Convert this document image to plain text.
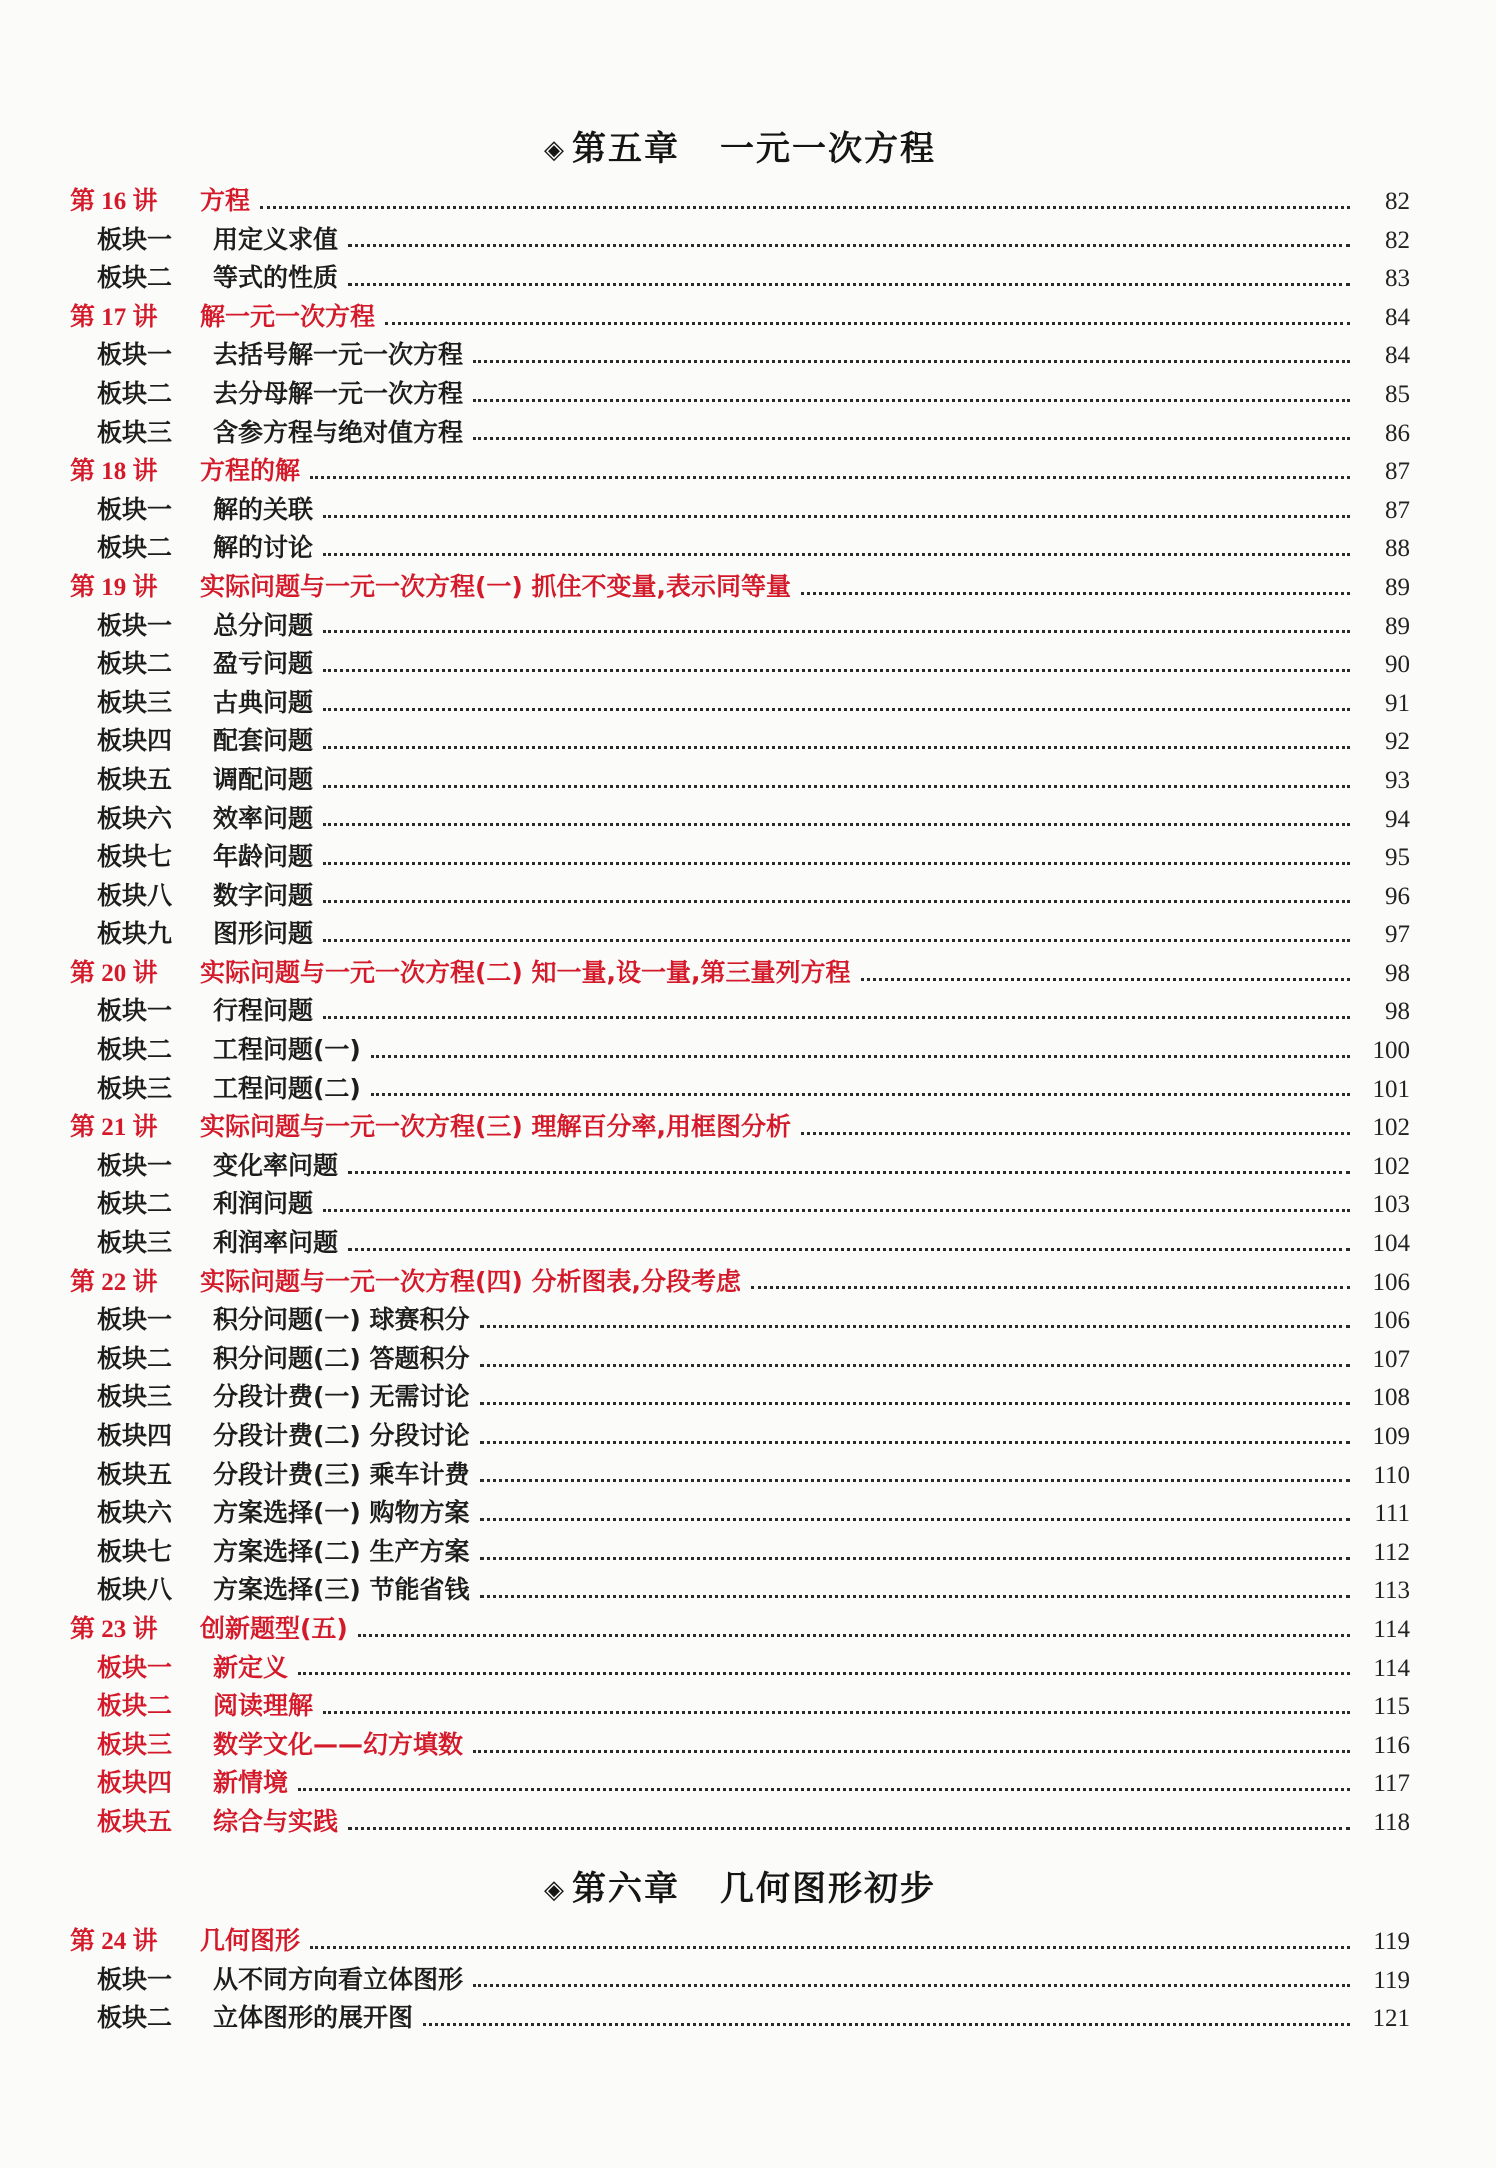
◈ 第五章 一元一次方程
第 16 讲	方程	82
板块一	用定义求值	82
板块二	等式的性质	83
第 17 讲	解一元一次方程	84
板块一	去括号解一元一次方程	84
板块二	去分母解一元一次方程	85
板块三	含参方程与绝对值方程	86
第 18 讲	方程的解	87
板块一	解的关联	87
板块二	解的讨论	88
第 19 讲	实际问题与一元一次方程(一) 抓住不变量,表示同等量	89
板块一	总分问题	89
板块二	盈亏问题	90
板块三	古典问题	91
板块四	配套问题	92
板块五	调配问题	93
板块六	效率问题	94
板块七	年龄问题	95
板块八	数字问题	96
板块九	图形问题	97
第 20 讲	实际问题与一元一次方程(二) 知一量,设一量,第三量列方程	98
板块一	行程问题	98
板块二	工程问题(一)	100
板块三	工程问题(二)	101
第 21 讲	实际问题与一元一次方程(三) 理解百分率,用框图分析	102
板块一	变化率问题	102
板块二	利润问题	103
板块三	利润率问题	104
第 22 讲	实际问题与一元一次方程(四) 分析图表,分段考虑	106
板块一	积分问题(一) 球赛积分	106
板块二	积分问题(二) 答题积分	107
板块三	分段计费(一) 无需讨论	108
板块四	分段计费(二) 分段讨论	109
板块五	分段计费(三) 乘车计费	110
板块六	方案选择(一) 购物方案	111
板块七	方案选择(二) 生产方案	112
板块八	方案选择(三) 节能省钱	113
第 23 讲	创新题型(五)	114
板块一	新定义	114
板块二	阅读理解	115
板块三	数学文化——幻方填数	116
板块四	新情境	117
板块五	综合与实践	118
◈ 第六章 几何图形初步
第 24 讲	几何图形	119
板块一	从不同方向看立体图形	119
板块二	立体图形的展开图	121
